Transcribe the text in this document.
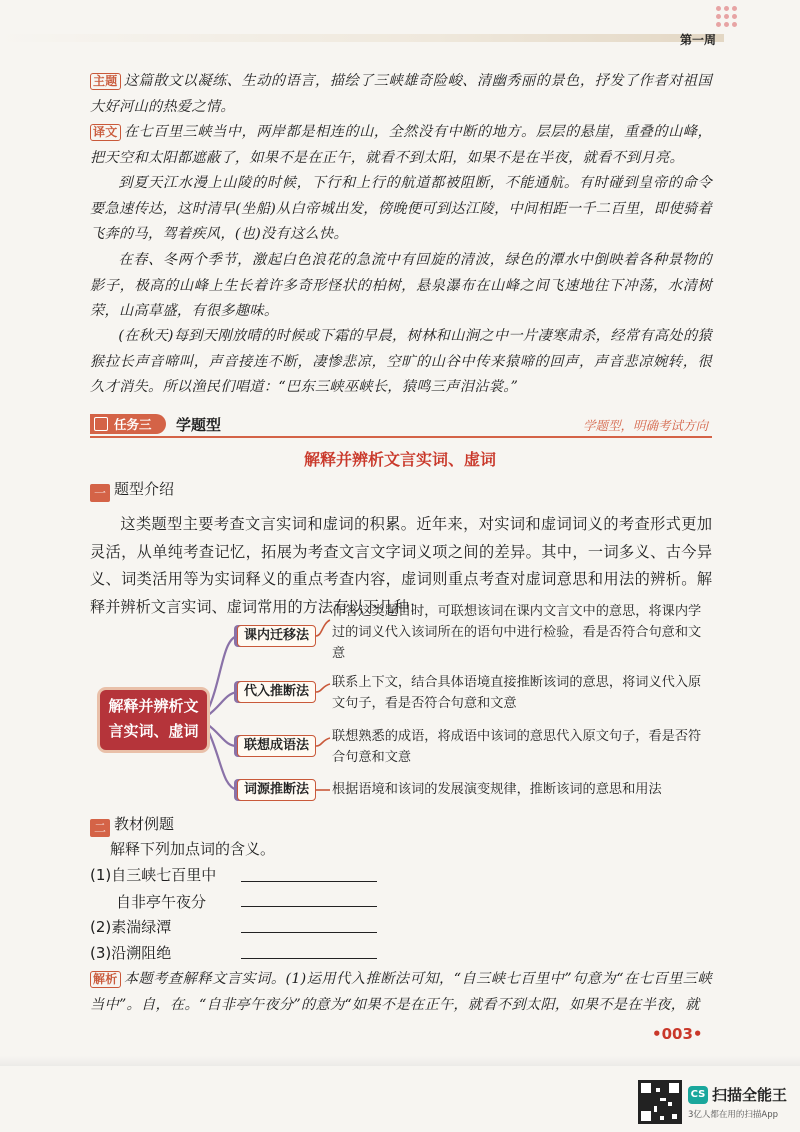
第一周
主题 这篇散文以凝练、生动的语言，描绘了三峡雄奇险峻、清幽秀丽的景色，抒发了作者对祖国大好河山的热爱之情。
译文 在七百里三峡当中，两岸都是相连的山，全然没有中断的地方。层层的悬崖，重叠的山峰，把天空和太阳都遮蔽了，如果不是在正午，就看不到太阳，如果不是在半夜，就看不到月亮。
到夏天江水漫上山陵的时候，下行和上行的航道都被阻断，不能通航。有时碰到皇帝的命令要急速传达，这时清早(坐船)从白帝城出发，傍晚便可到达江陵，中间相距一千二百里，即使骑着飞奔的马，驾着疾风，(也)没有这么快。
在春、冬两个季节，激起白色浪花的急流中有回旋的清波，绿色的潭水中倒映着各种景物的影子，极高的山峰上生长着许多奇形怪状的柏树，悬泉瀑布在山峰之间飞速地往下冲荡，水清树荣，山高草盛，有很多趣味。
(在秋天)每到天刚放晴的时候或下霜的早晨，树林和山涧之中一片凄寒肃杀，经常有高处的猿猴拉长声音啼叫，声音接连不断，凄惨悲凉，空旷的山谷中传来猿啼的回声，声音悲凉婉转，很久才消失。所以渔民们唱道：“巴东三峡巫峡长，猿鸣三声泪沾裳。”
任务三 学题型	学题型，明确考试方向
解释并辨析文言实词、虚词
一 题型介绍
这类题型主要考查文言实词和虚词的积累。近年来，对实词和虚词词义的考查形式更加灵活，从单纯考查记忆，拓展为考查文言文字词义项之间的差异。其中，一词多义、古今异义、词类活用等为实词释义的重点考查内容，虚词则重点考查对虚词意思和用法的辨析。解释并辨析文言实词、虚词常用的方法有以下几种：
解释并辨析文
言实词、虚词
课内迁移法
作答这类题目时，可联想该词在课内文言文中的意思，将课内学过的词义代入该词所在的语句中进行检验，看是否符合句意和文意
代入推断法
联系上下文，结合具体语境直接推断该词的意思，将词义代入原文句子，看是否符合句意和文意
联想成语法
联想熟悉的成语，将成语中该词的意思代入原文句子，看是否符合句意和文意
词源推断法	根据语境和该词的发展演变规律，推断该词的意思和用法
二 教材例题
解释下列加点词的含义。
(1)自三峡七百里中
自非亭午夜分
(2)素湍绿潭
(3)沿溯阻绝
解析 本题考查解释文言实词。(1)运用代入推断法可知，“自三峡七百里中”句意为“在七百里三峡当中”。自，在。“自非亭午夜分”的意为“如果不是在正午，就看不到太阳，如果不是在半夜，就
•003•
CS 扫描全能王
3亿人都在用的扫描App
